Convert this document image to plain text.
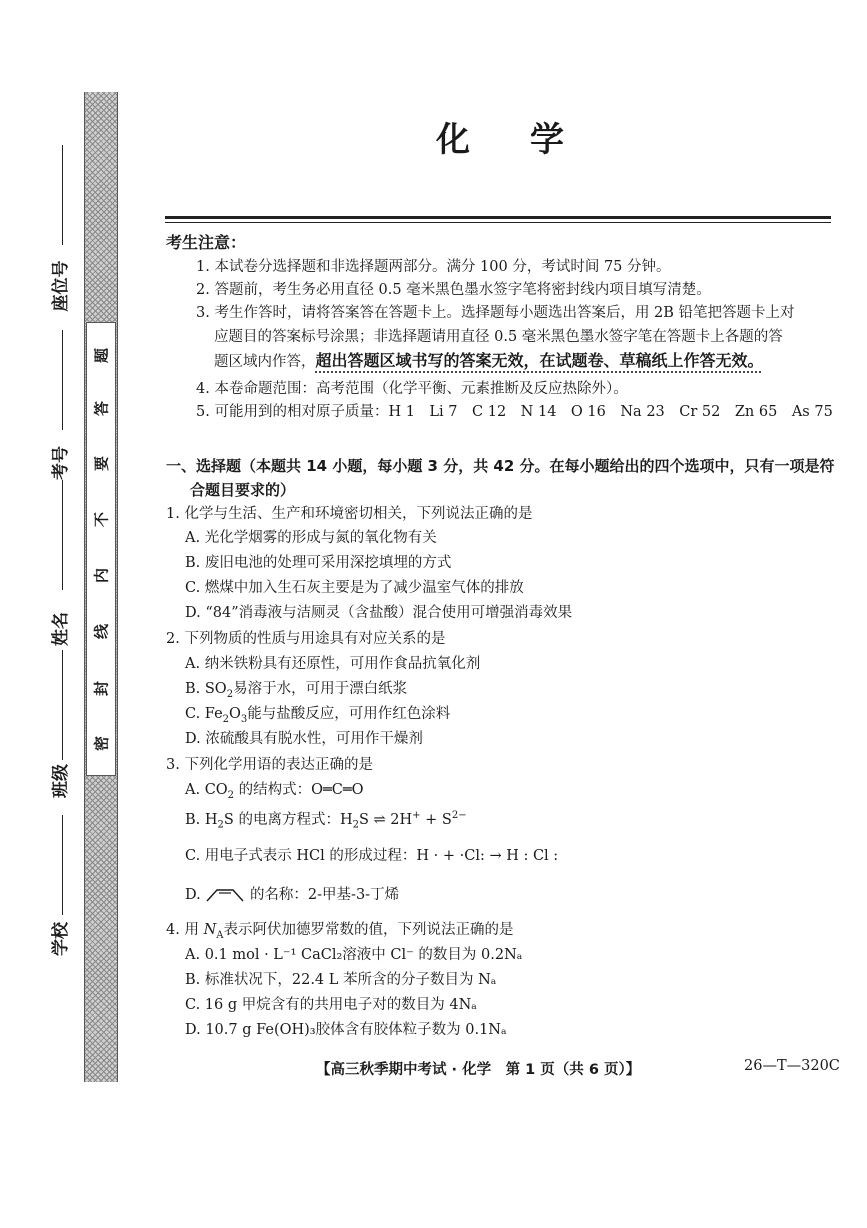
座位号
考号
姓名
班级
学校
密
封
线
内
不
要
答
题
化学
考生注意：
1. 本试卷分选择题和非选择题两部分。满分 100 分，考试时间 75 分钟。
2. 答题前，考生务必用直径 0.5 毫米黑色墨水签字笔将密封线内项目填写清楚。
3. 考生作答时，请将答案答在答题卡上。选择题每小题选出答案后，用 2B 铅笔把答题卡上对
应题目的答案标号涂黑；非选择题请用直径 0.5 毫米黑色墨水签字笔在答题卡上各题的答
题区域内作答，超出答题区域书写的答案无效，在试题卷、草稿纸上作答无效。
4. 本卷命题范围：高考范围（化学平衡、元素推断及反应热除外）。
5. 可能用到的相对原子质量：H 1　Li 7　C 12　N 14　O 16　Na 23　Cr 52　Zn 65　As 75
一、选择题（本题共 14 小题，每小题 3 分，共 42 分。在每小题给出的四个选项中，只有一项是符
合题目要求的）
1. 化学与生活、生产和环境密切相关，下列说法正确的是
A. 光化学烟雾的形成与氮的氧化物有关
B. 废旧电池的处理可采用深挖填埋的方式
C. 燃煤中加入生石灰主要是为了减少温室气体的排放
D. “84”消毒液与洁厕灵（含盐酸）混合使用可增强消毒效果
2. 下列物质的性质与用途具有对应关系的是
A. 纳米铁粉具有还原性，可用作食品抗氧化剂
B. $SO_2$易溶于水，可用于漂白纸浆
C. $Fe_2O_3$能与盐酸反应，可用作红色涂料
D. 浓硫酸具有脱水性，可用作干燥剂
3. 下列化学用语的表达正确的是
A. $CO_2$ 的结构式：O═C═O
B. $H_2S$ 的电离方程式：$H_2S$ ⇌ $2H^+ + S^{2-}$
C. 用电子式表示 HCl 的形成过程：H · + ·Cl: → H : Cl :
D.	的名称：2-甲基-3-丁烯
4. 用 $N_A$表示阿伏加德罗常数的值，下列说法正确的是
A. 0.1 mol · L⁻¹ CaCl₂溶液中 Cl⁻ 的数目为 0.2Nₐ
B. 标准状况下，22.4 L 苯所含的分子数目为 Nₐ
C. 16 g 甲烷含有的共用电子对的数目为 4Nₐ
D. 10.7 g Fe(OH)₃胶体含有胶体粒子数为 0.1Nₐ
【高三秋季期中考试 · 化学　第 1 页（共 6 页）】	26—T—320C
